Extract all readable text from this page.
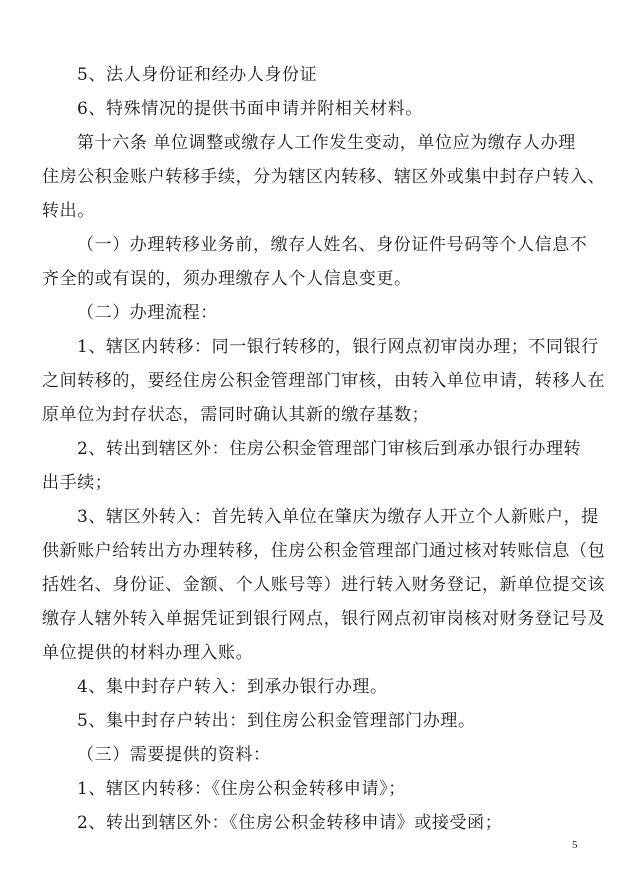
5、法人身份证和经办人身份证
6、特殊情况的提供书面申请并附相关材料。
第十六条 单位调整或缴存人工作发生变动，单位应为缴存人办理
住房公积金账户转移手续，分为辖区内转移、辖区外或集中封存户转入、
转出。
（一）办理转移业务前，缴存人姓名、身份证件号码等个人信息不
齐全的或有误的，须办理缴存人个人信息变更。
（二）办理流程：
1、辖区内转移：同一银行转移的，银行网点初审岗办理；不同银行
之间转移的，要经住房公积金管理部门审核，由转入单位申请，转移人在
原单位为封存状态，需同时确认其新的缴存基数；
2、转出到辖区外：住房公积金管理部门审核后到承办银行办理转
出手续；
3、辖区外转入：首先转入单位在肇庆为缴存人开立个人新账户，提
供新账户给转出方办理转移，住房公积金管理部门通过核对转账信息（包
括姓名、身份证、金额、个人账号等）进行转入财务登记，新单位提交该
缴存人辖外转入单据凭证到银行网点，银行网点初审岗核对财务登记号及
单位提供的材料办理入账。
4、集中封存户转入：到承办银行办理。
5、集中封存户转出：到住房公积金管理部门办理。
（三）需要提供的资料：
1、辖区内转移：《住房公积金转移申请》；
2、转出到辖区外：《住房公积金转移申请》或接受函；
5
